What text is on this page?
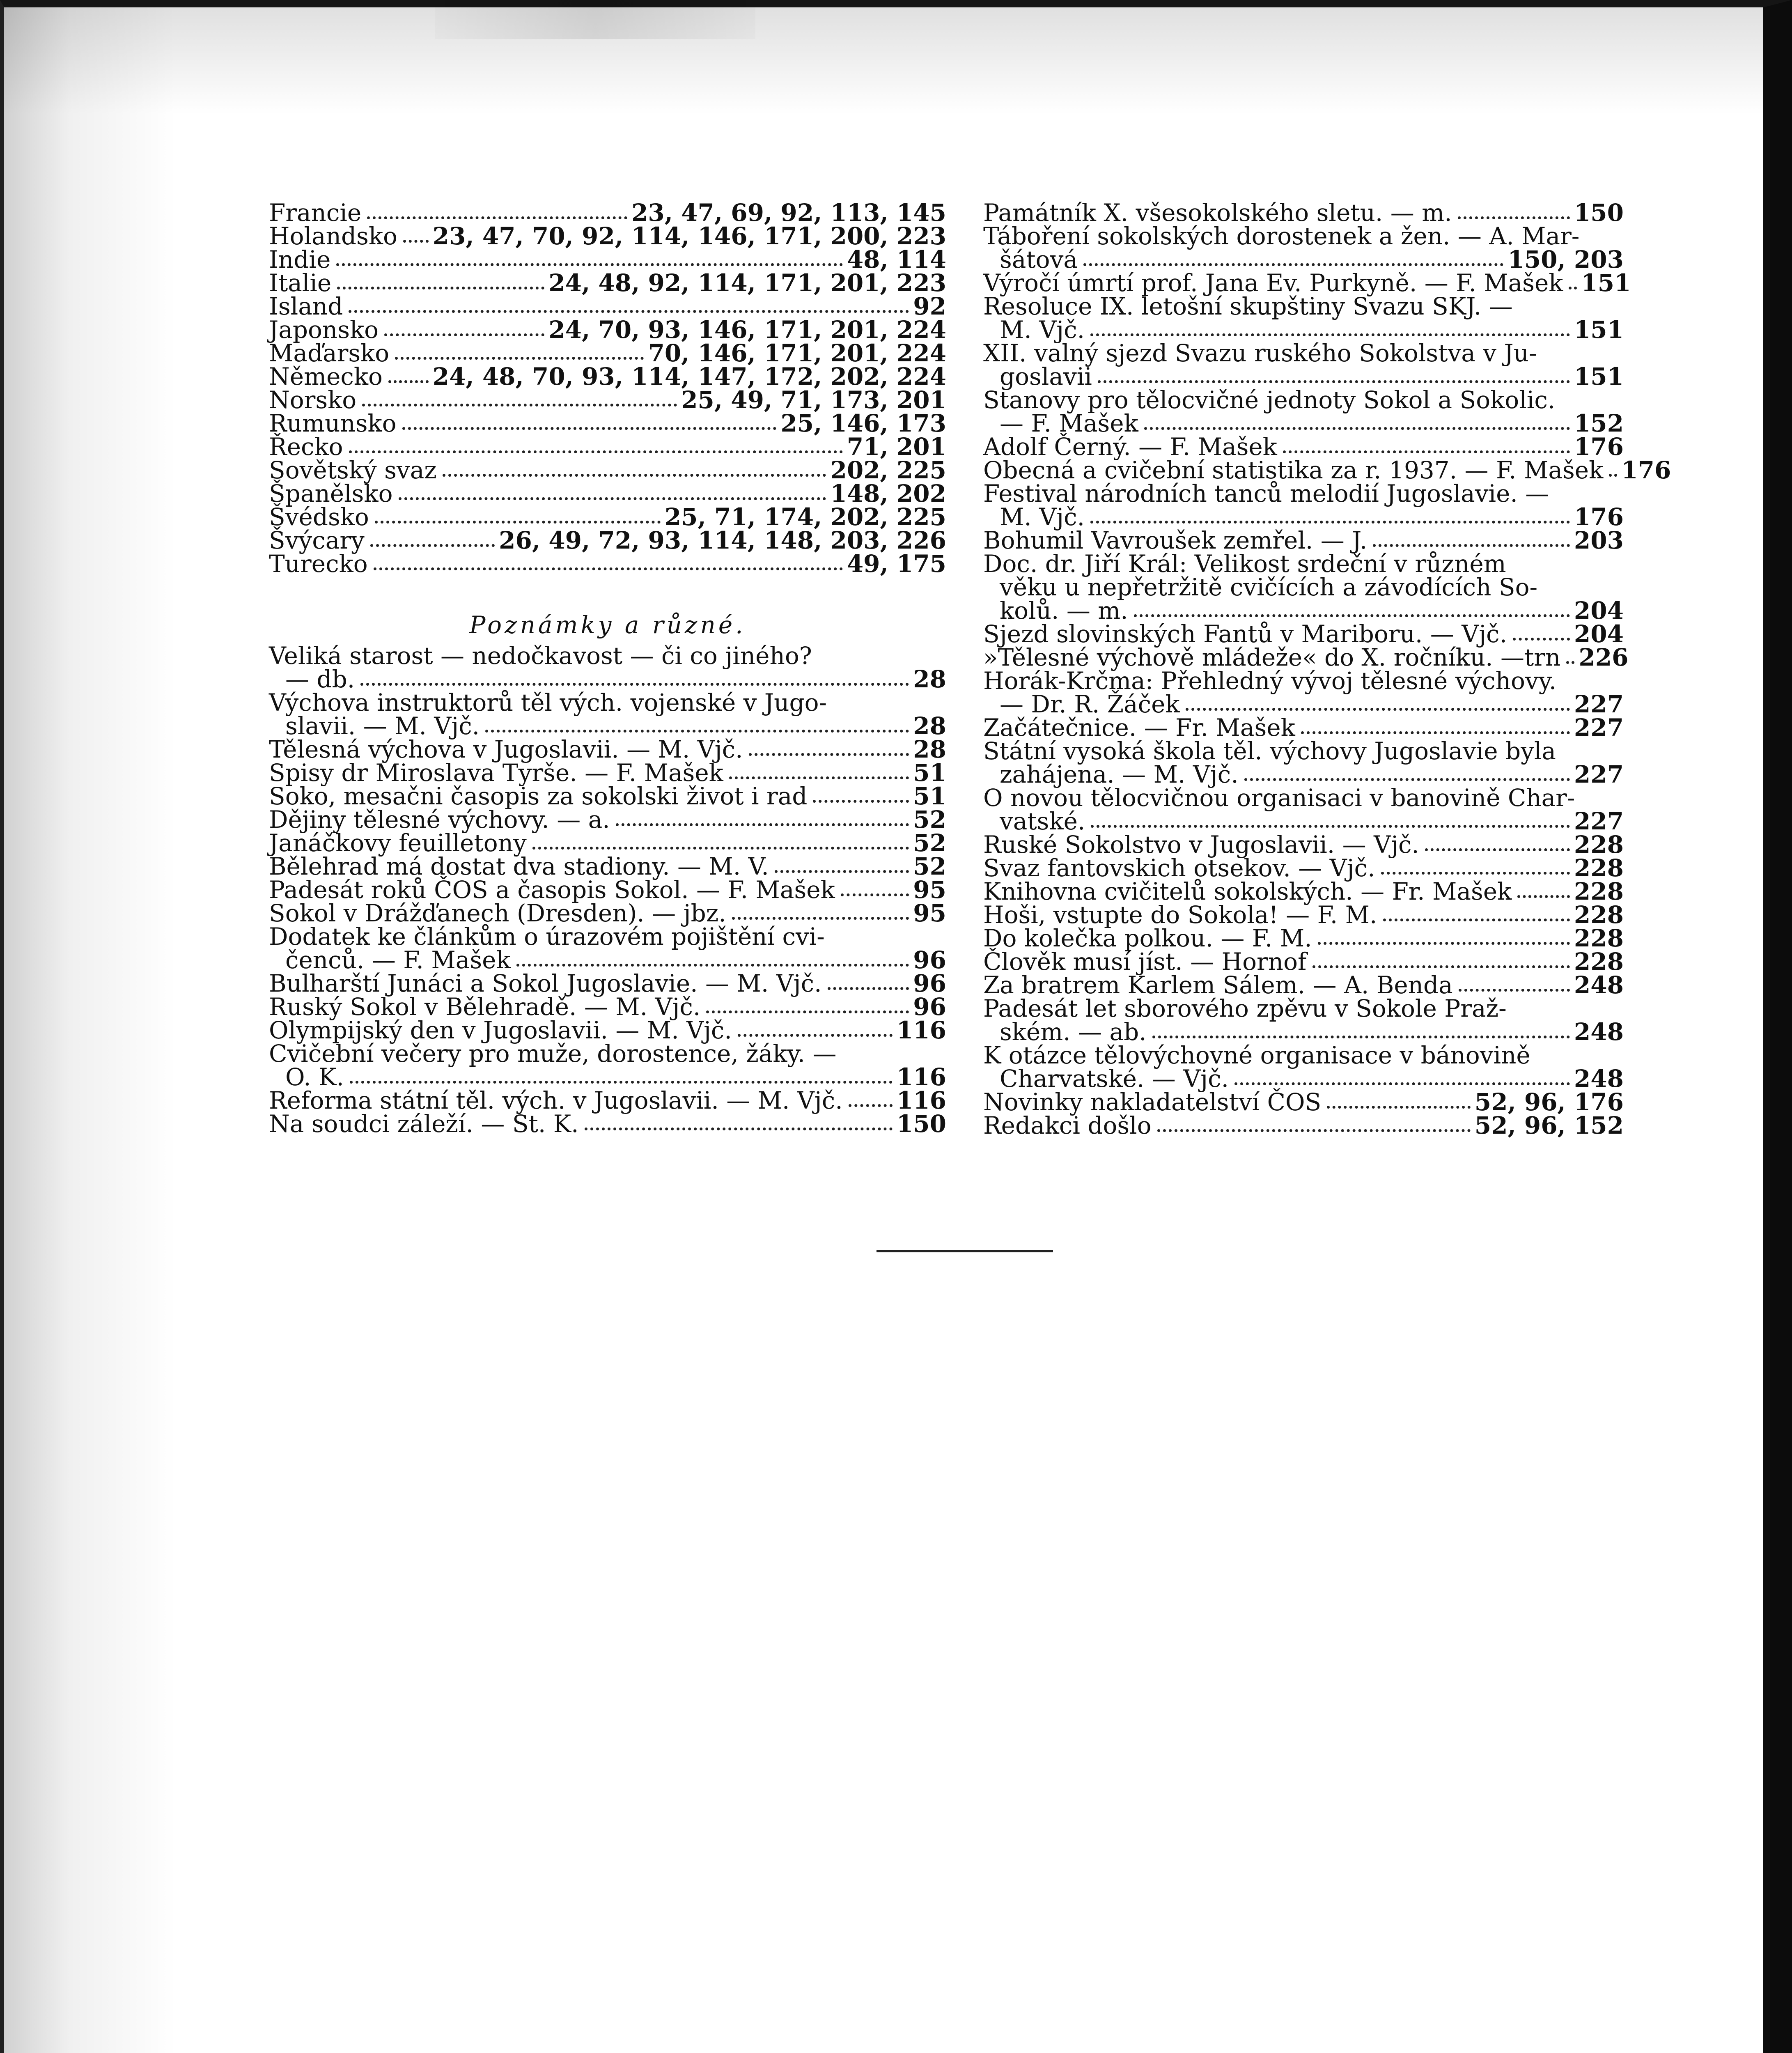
Francie	23, 47, 69, 92, 113, 145
Holandsko 23, 47, 70, 92, 114, 146, 171, 200, 223
Indie	48, 114
Italie	24, 48, 92, 114, 171, 201, 223
Island	92
Japonsko	24, 70, 93, 146, 171, 201, 224
Maďarsko	70, 146, 171, 201, 224
Německo 24, 48, 70, 93, 114, 147, 172, 202, 224
Norsko	25, 49, 71, 173, 201
Rumunsko	25, 146, 173
Řecko	71, 201
Sovětský svaz	202, 225
Španělsko	148, 202
Švédsko	25, 71, 174, 202, 225
Švýcary	26, 49, 72, 93, 114, 148, 203, 226
Turecko	49, 175
Poznámky a různé.
Veliká starost — nedočkavost — či co jiného?
— db.	28
Výchova instruktorů těl vých. vojenské v Jugo-
slavii. — M. Vjč.	28
Tělesná výchova v Jugoslavii. — M. Vjč.	28
Spisy dr Miroslava Tyrše. — F. Mašek	51
Soko, mesačni časopis za sokolski život i rad	51
Dějiny tělesné výchovy. — a.	52
Janáčkovy feuilletony	52
Bělehrad má dostat dva stadiony. — M. V.	52
Padesát roků ČOS a časopis Sokol. — F. Mašek	95
Sokol v Drážďanech (Dresden). — jbz.	95
Dodatek ke článkům o úrazovém pojištění cvi-
čenců. — F. Mašek	96
Bulharští Junáci a Sokol Jugoslavie. — M. Vjč.	96
Ruský Sokol v Bělehradě. — M. Vjč.	96
Olympijský den v Jugoslavii. — M. Vjč.	116
Cvičební večery pro muže, dorostence, žáky. —
O. K.	116
Reforma státní těl. vých. v Jugoslavii. — M. Vjč. 116
Na soudci záleží. — St. K.	150
Památník X. všesokolského sletu. — m.	150
Táboření sokolských dorostenek a žen. — A. Mar-
šátová	150, 203
Výročí úmrtí prof. Jana Ev. Purkyně. — F. Mašek 151
Resoluce IX. letošní skupštiny Svazu SKJ. —
M. Vjč.	151
XII. valný sjezd Svazu ruského Sokolstva v Ju-
goslavii	151
Stanovy pro tělocvičné jednoty Sokol a Sokolic.
— F. Mašek	152
Adolf Černý. — F. Mašek	176
Obecná a cvičební statistika za r. 1937. — F. Mašek 176
Festival národních tanců melodií Jugoslavie. —
M. Vjč.	176
Bohumil Vavroušek zemřel. — J.	203
Doc. dr. Jiří Král: Velikost srdeční v různém
věku u nepřetržitě cvičících a závodících So-
kolů. — m.	204
Sjezd slovinských Fantů v Mariboru. — Vjč.	204
»Tělesné výchově mládeže« do X. ročníku. —trn 226
Horák-Krčma: Přehledný vývoj tělesné výchovy.
— Dr. R. Žáček	227
Začátečnice. — Fr. Mašek	227
Státní vysoká škola těl. výchovy Jugoslavie byla
zahájena. — M. Vjč.	227
O novou tělocvičnou organisaci v banovině Char-
vatské.	227
Ruské Sokolstvo v Jugoslavii. — Vjč.	228
Svaz fantovskich otsekov. — Vjč.	228
Knihovna cvičitelů sokolských. — Fr. Mašek	228
Hoši, vstupte do Sokola! — F. M.	228
Do kolečka polkou. — F. M.	228
Člověk musí jíst. — Hornof	228
Za bratrem Karlem Sálem. — A. Benda	248
Padesát let sborového zpěvu v Sokole Praž-
ském. — ab.	248
K otázce tělovýchovné organisace v bánovině
Charvatské. — Vjč.	248
Novinky nakladatelství ČOS	52, 96, 176
Redakci došlo	52, 96, 152
